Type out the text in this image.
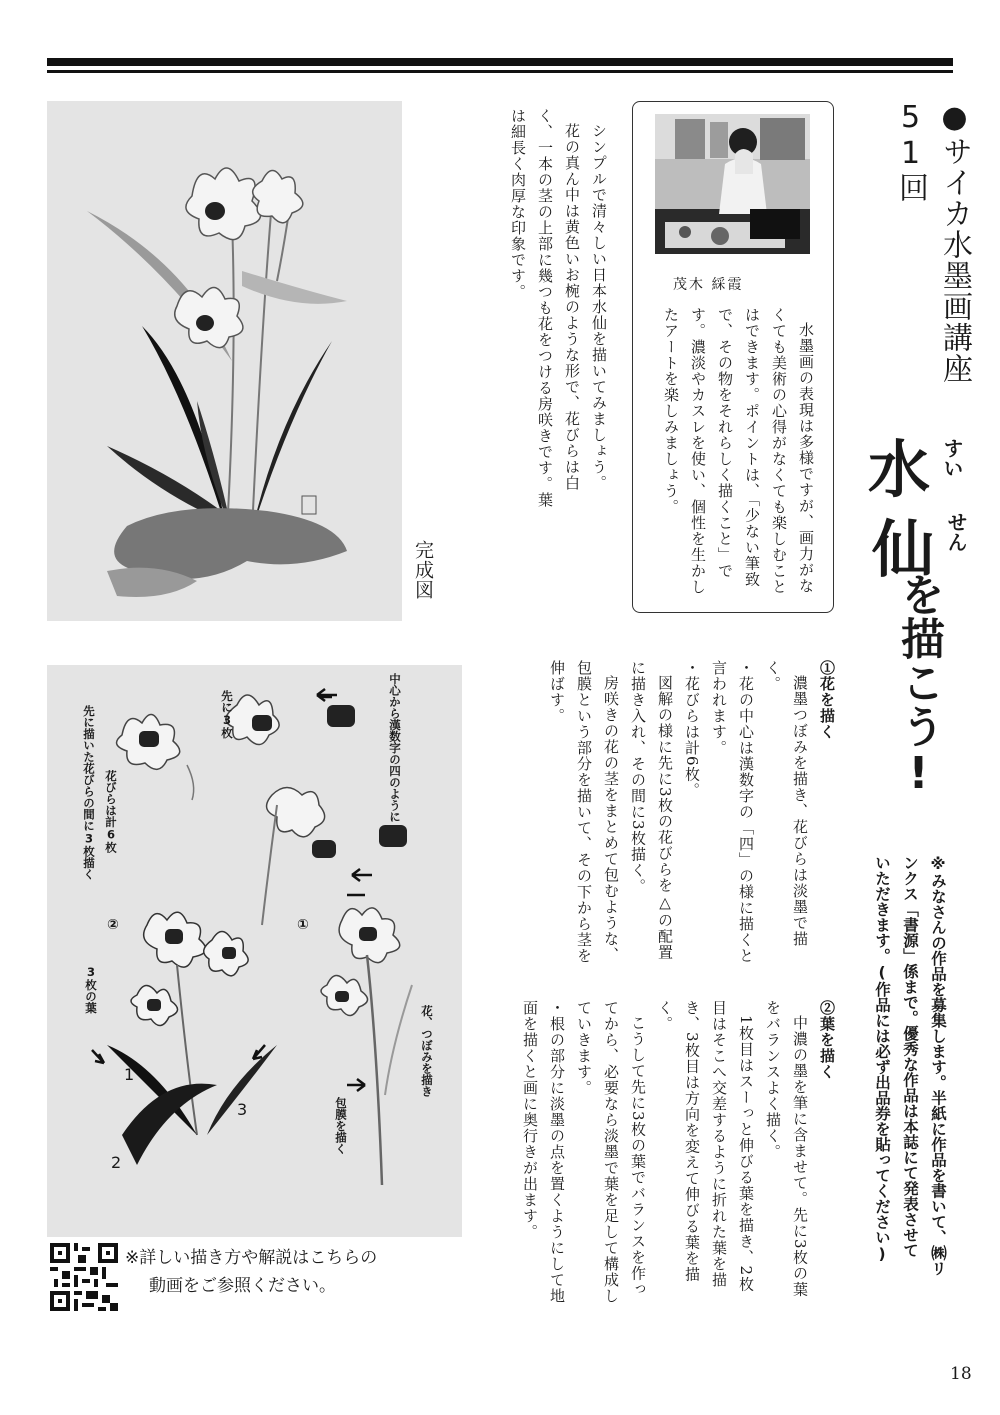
●サイカ水墨画講座51回
水 すい
仙 せん
を描こう!
※みなさんの作品を募集します。半紙に作品を書いて、㈱リ
ンクス「書源」係まで。優秀な作品は本誌にて発表させて
いただきます。(作品には必ず出品券を貼ってください)
茂木 綵霞

水墨画の表現は多様ですが、画力がなくても美術の心得がなくても楽しむことはできます。ポイントは、「少ない筆致で、その物をそれらしく描くこと」です。濃淡やカスレを使い、個性を生かしたアートを楽しみましょう。

シンプルで清々しい日本水仙を描いてみましょう。

花の真ん中は黄色いお椀のような形で、花びらは白く、一本の茎の上部に幾つも花をつける房咲きです。葉は細長く肉厚な印象です。

完成図

①花を描く

濃墨つぼみを描き、花びらは淡墨で描く。

・花の中心は漢数字の「四」の様に描くと言われます。

・花びらは計6枚。

図解の様に先に3枚の花びらを△の配置に描き入れ、その間に3枚描く。

房咲きの花の茎をまとめて包むような、包膜という部分を描いて、その下から茎を伸ばす。

②葉を描く

中濃の墨を筆に含ませて。先に3枚の葉をバランスよく描く。

1枚目はスーっと伸びる葉を描き、2枚目はそこへ交差するように折れた葉を描き、3枚目は方向を変えて伸びる葉を描く。

こうして先に3枚の葉でバランスを作ってから、必要なら淡墨で葉を足して構成していきます。

・根の部分に淡墨の点を置くようにして地面を描くと画に奥行きが出ます。

中心から漢数字の四のように
先に3枚
花びらは計6枚
先に描いた花びらの間に3枚描く
②	①
3枚の葉
花、つぼみを描き
包膜を描く
1
2
3
※詳しい描き方や解説はこちらの
動画をご参照ください。
18
